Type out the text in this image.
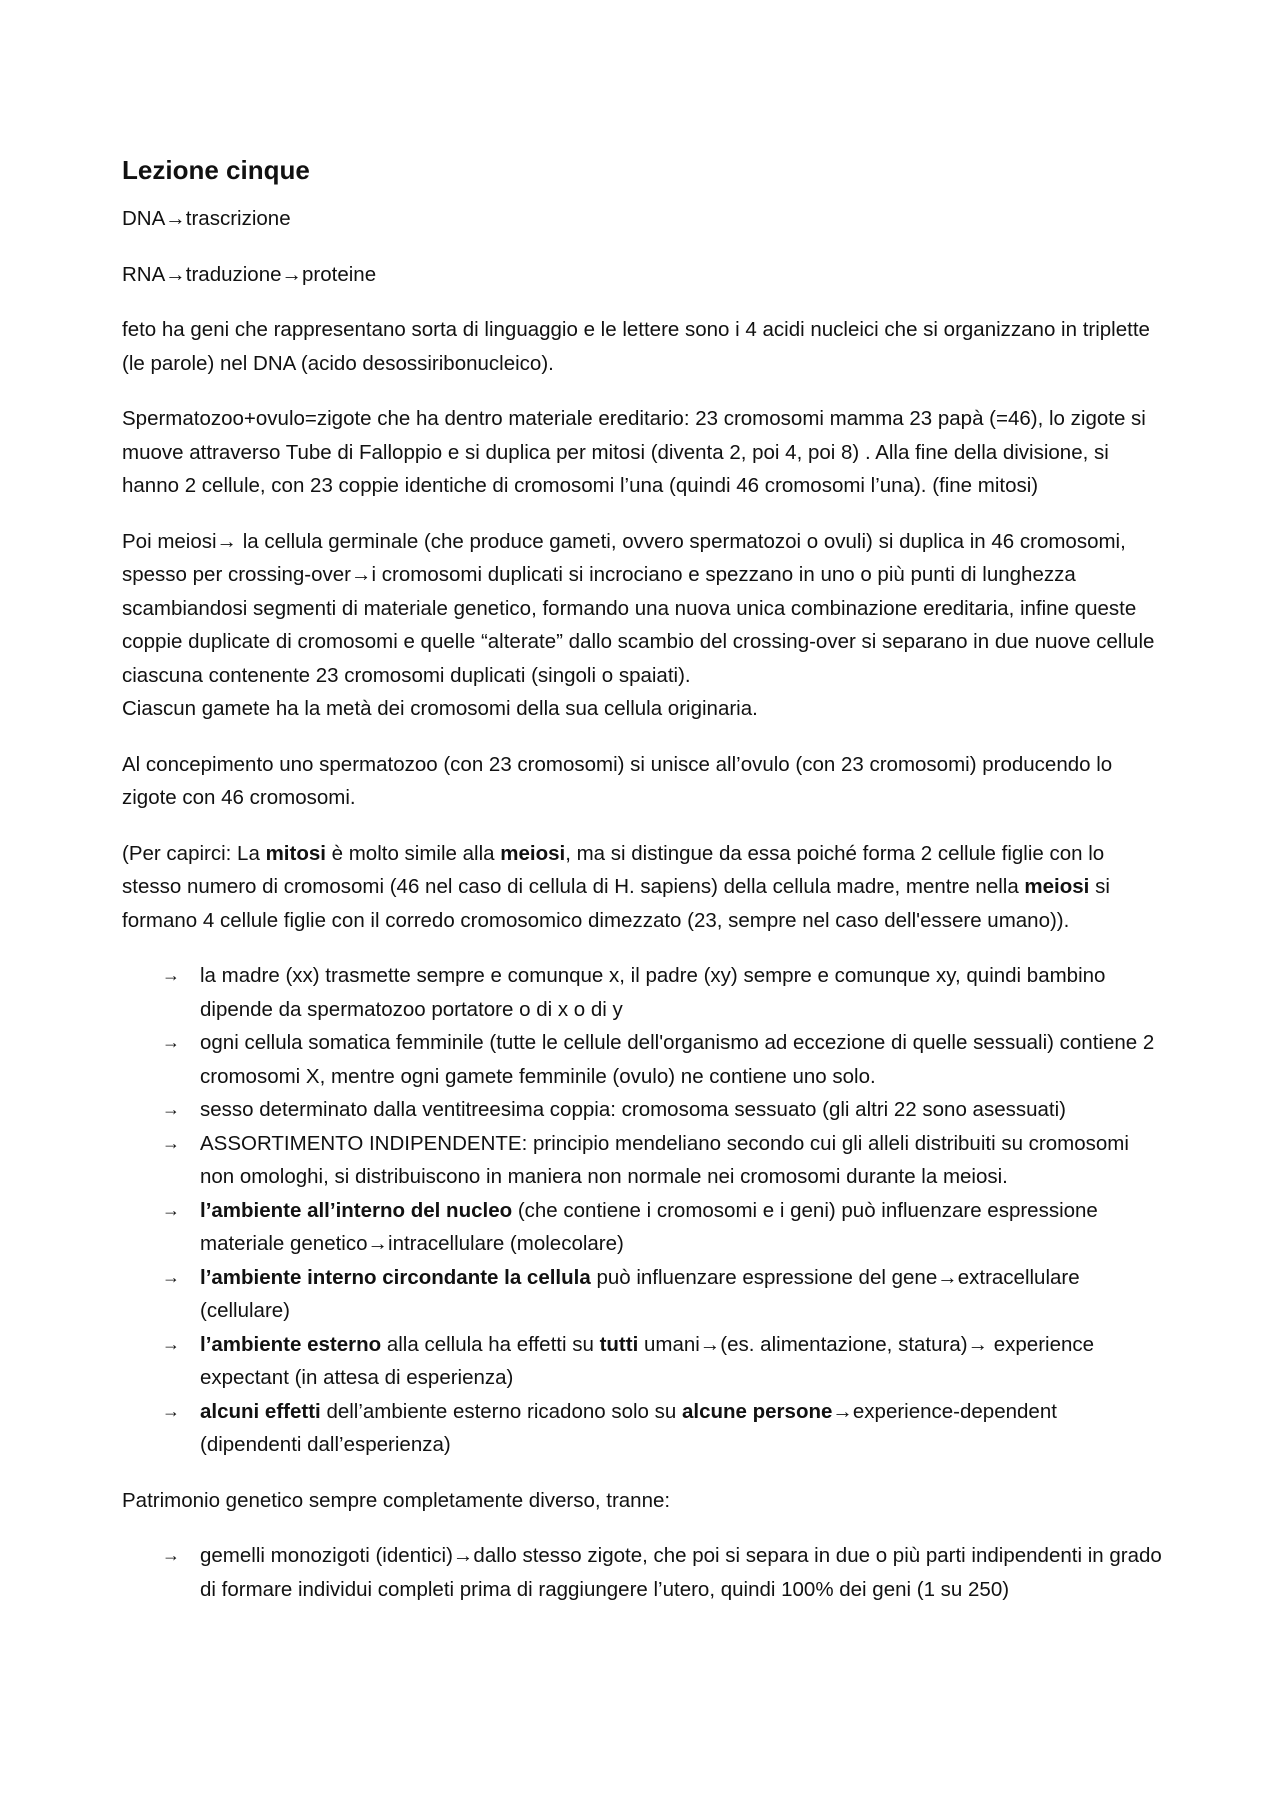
Lezione cinque

DNA→trascrizione

RNA→traduzione→proteine

feto ha geni che rappresentano sorta di linguaggio e le lettere sono i 4 acidi nucleici che si organizzano in triplette (le parole) nel DNA (acido desossiribonucleico).

Spermatozoo+ovulo=zigote che ha dentro materiale ereditario: 23 cromosomi mamma 23 papà (=46), lo zigote si muove attraverso Tube di Falloppio e si duplica per mitosi (diventa 2, poi 4, poi 8) . Alla fine della divisione, si hanno 2 cellule, con 23 coppie identiche di cromosomi l’una (quindi 46 cromosomi l’una). (fine mitosi)

Poi meiosi→ la cellula germinale (che produce gameti, ovvero spermatozoi o ovuli) si duplica in 46 cromosomi, spesso per crossing-over→i cromosomi duplicati si incrociano e spezzano in uno o più punti di lunghezza scambiandosi segmenti di materiale genetico, formando una nuova unica combinazione ereditaria, infine queste coppie duplicate di cromosomi e quelle “alterate” dallo scambio del crossing-over si separano in due nuove cellule ciascuna contenente 23 cromosomi duplicati (singoli o spaiati).
Ciascun gamete ha la metà dei cromosomi della sua cellula originaria.

Al concepimento uno spermatozoo (con 23 cromosomi) si unisce all’ovulo (con 23 cromosomi) producendo lo zigote con 46 cromosomi.

(Per capirci: La mitosi è molto simile alla meiosi, ma si distingue da essa poiché forma 2 cellule figlie con lo stesso numero di cromosomi (46 nel caso di cellula di H. sapiens) della cellula madre, mentre nella meiosi si formano 4 cellule figlie con il corredo cromosomico dimezzato (23, sempre nel caso dell'essere umano)).

→ la madre (xx) trasmette sempre e comunque x, il padre (xy) sempre e comunque xy, quindi bambino dipende da spermatozoo portatore o di x o di y
→ ogni cellula somatica femminile (tutte le cellule dell'organismo ad eccezione di quelle sessuali) contiene 2 cromosomi X, mentre ogni gamete femminile (ovulo) ne contiene uno solo.
→ sesso determinato dalla ventitreesima coppia: cromosoma sessuato (gli altri 22 sono asessuati)
→ ASSORTIMENTO INDIPENDENTE: principio mendeliano secondo cui gli alleli distribuiti su cromosomi non omologhi, si distribuiscono in maniera non normale nei cromosomi durante la meiosi.
→ l’ambiente all’interno del nucleo (che contiene i cromosomi e i geni) può influenzare espressione materiale genetico→intracellulare (molecolare)
→ l’ambiente interno circondante la cellula può influenzare espressione del gene→extracellulare (cellulare)
→ l’ambiente esterno alla cellula ha effetti su tutti umani→(es. alimentazione, statura)→ experience expectant (in attesa di esperienza)
→ alcuni effetti dell’ambiente esterno ricadono solo su alcune persone→experience-dependent (dipendenti dall’esperienza)

Patrimonio genetico sempre completamente diverso, tranne:

→ gemelli monozigoti (identici)→dallo stesso zigote, che poi si separa in due o più parti indipendenti in grado di formare individui completi prima di raggiungere l’utero, quindi 100% dei geni (1 su 250)
